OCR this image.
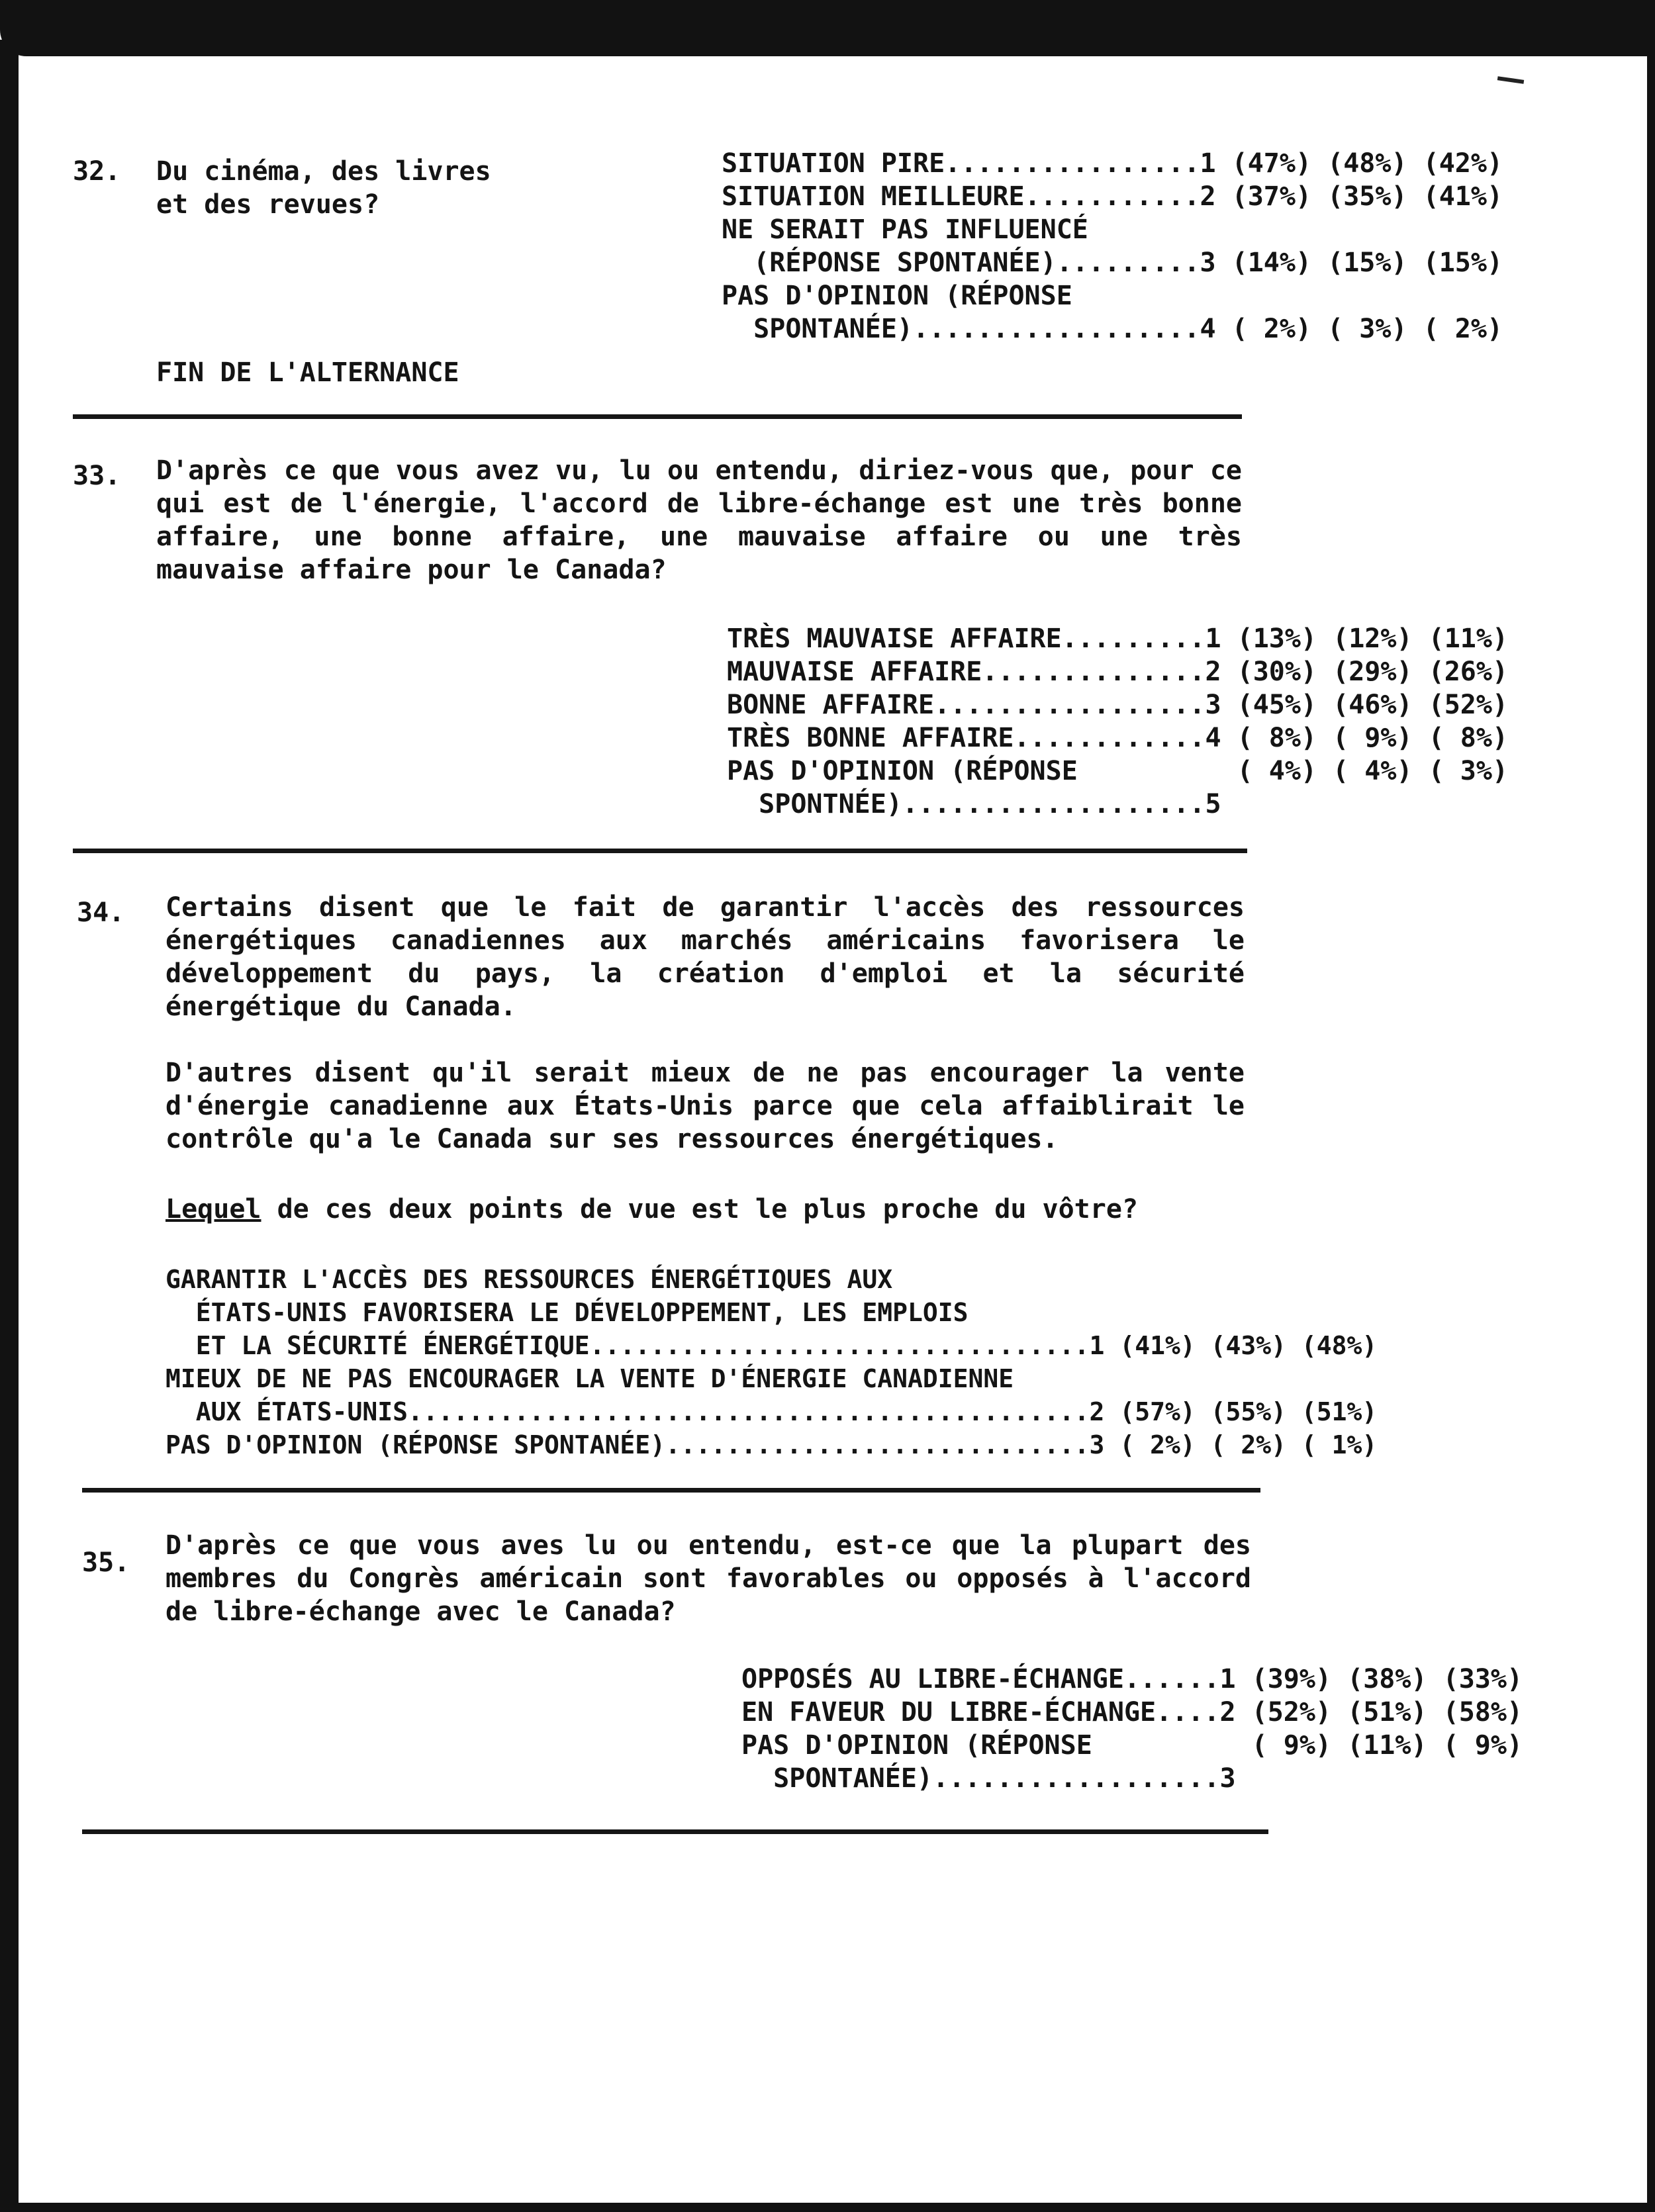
32. Du cinéma, des livres
et des revues?
SITUATION PIRE................1 (47%) (48%) (42%)
SITUATION MEILLEURE...........2 (37%) (35%) (41%)
NE SERAIT PAS INFLUENCÉ
(RÉPONSE SPONTANÉE).........3 (14%) (15%) (15%)
PAS D'OPINION (RÉPONSE
SPONTANÉE)..................4 ( 2%) ( 3%) ( 2%)
FIN DE L'ALTERNANCE
33. D'après ce que vous avez vu, lu ou entendu, diriez-vous que, pour ce qui est de l'énergie, l'accord de libre-échange est une très bonne affaire, une bonne affaire, une mauvaise affaire ou une très mauvaise affaire pour le Canada?
TRÈS MAUVAISE AFFAIRE.........1 (13%) (12%) (11%)
MAUVAISE AFFAIRE..............2 (30%) (29%) (26%)
BONNE AFFAIRE.................3 (45%) (46%) (52%)
TRÈS BONNE AFFAIRE............4 ( 8%) ( 9%) ( 8%)
PAS D'OPINION (RÉPONSE          ( 4%) ( 4%) ( 3%)
SPONTNÉE)...................5
34. Certains disent que le fait de garantir l'accès des ressources énergétiques canadiennes aux marchés américains favorisera le développement du pays, la création d'emploi et la sécurité énergétique du Canada.
D'autres disent qu'il serait mieux de ne pas encourager la vente d'énergie canadienne aux États-Unis parce que cela affaiblirait le contrôle qu'a le Canada sur ses ressources énergétiques.
Lequel de ces deux points de vue est le plus proche du vôtre?
GARANTIR L'ACCÈS DES RESSOURCES ÉNERGÉTIQUES AUX
ÉTATS-UNIS FAVORISERA LE DÉVELOPPEMENT, LES EMPLOIS
ET LA SÉCURITÉ ÉNERGÉTIQUE.................................1 (41%) (43%) (48%)
MIEUX DE NE PAS ENCOURAGER LA VENTE D'ÉNERGIE CANADIENNE
AUX ÉTATS-UNIS.............................................2 (57%) (55%) (51%)
PAS D'OPINION (RÉPONSE SPONTANÉE)............................3 ( 2%) ( 2%) ( 1%)
35.
D'après ce que vous aves lu ou entendu, est-ce que la plupart des membres du Congrès américain sont favorables ou opposés à l'accord de libre-échange avec le Canada?
OPPOSÉS AU LIBRE-ÉCHANGE......1 (39%) (38%) (33%)
EN FAVEUR DU LIBRE-ÉCHANGE....2 (52%) (51%) (58%)
PAS D'OPINION (RÉPONSE          ( 9%) (11%) ( 9%)
SPONTANÉE)..................3
